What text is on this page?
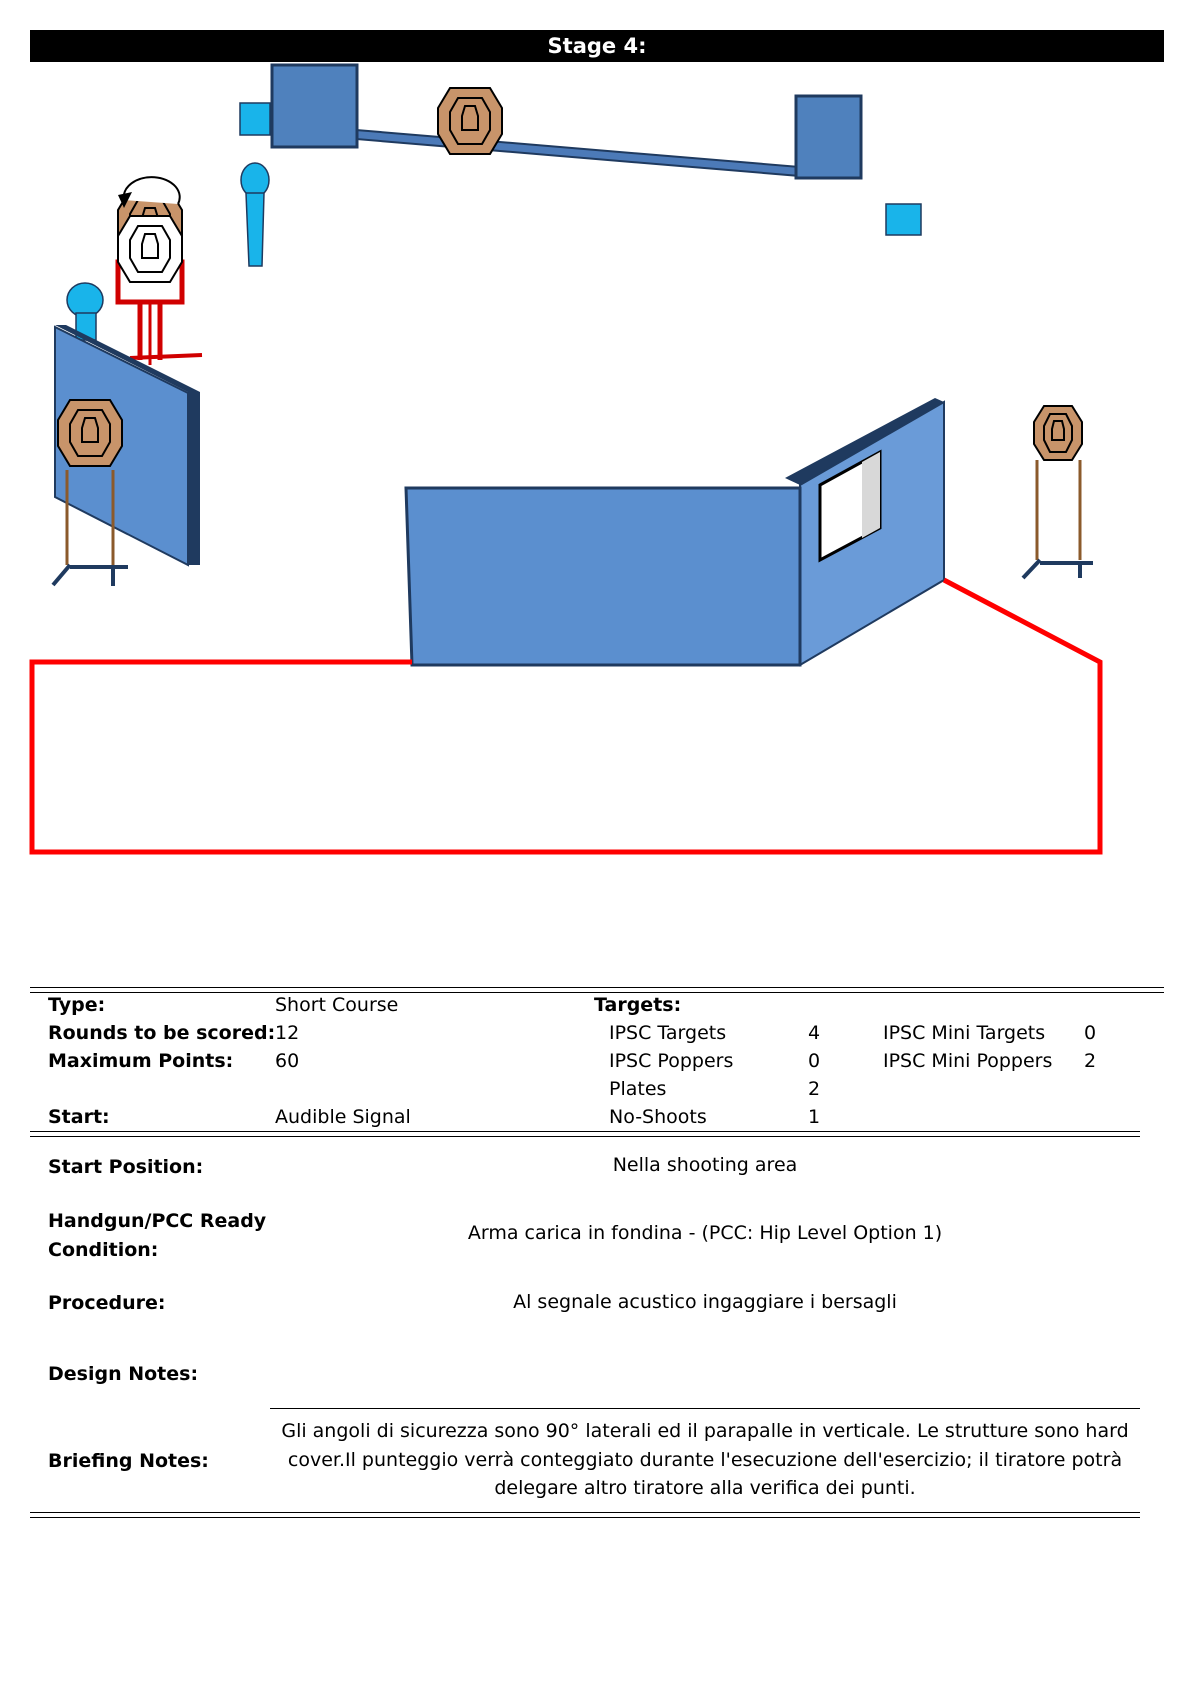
Stage 4:
Type:	Short Course	Targets:
Rounds to be scored: 12	IPSC Targets	4	IPSC Mini Targets 0
Maximum Points: 60	IPSC Poppers	0	IPSC Mini Poppers 2
Plates	2
Start:	Audible Signal	No-Shoots	1
Start Position:	Nella shooting area
Handgun/PCC Ready
Condition:
Arma carica in fondina - (PCC: Hip Level Option 1)
Procedure:	Al segnale acustico ingaggiare i bersagli
Design Notes:
Briefing Notes:
Gli angoli di sicurezza sono 90° laterali ed il parapalle in verticale. Le strutture sono hard
cover.Il punteggio verrà conteggiato durante l'esecuzione dell'esercizio; il tiratore potrà
delegare altro tiratore alla verifica dei punti.
